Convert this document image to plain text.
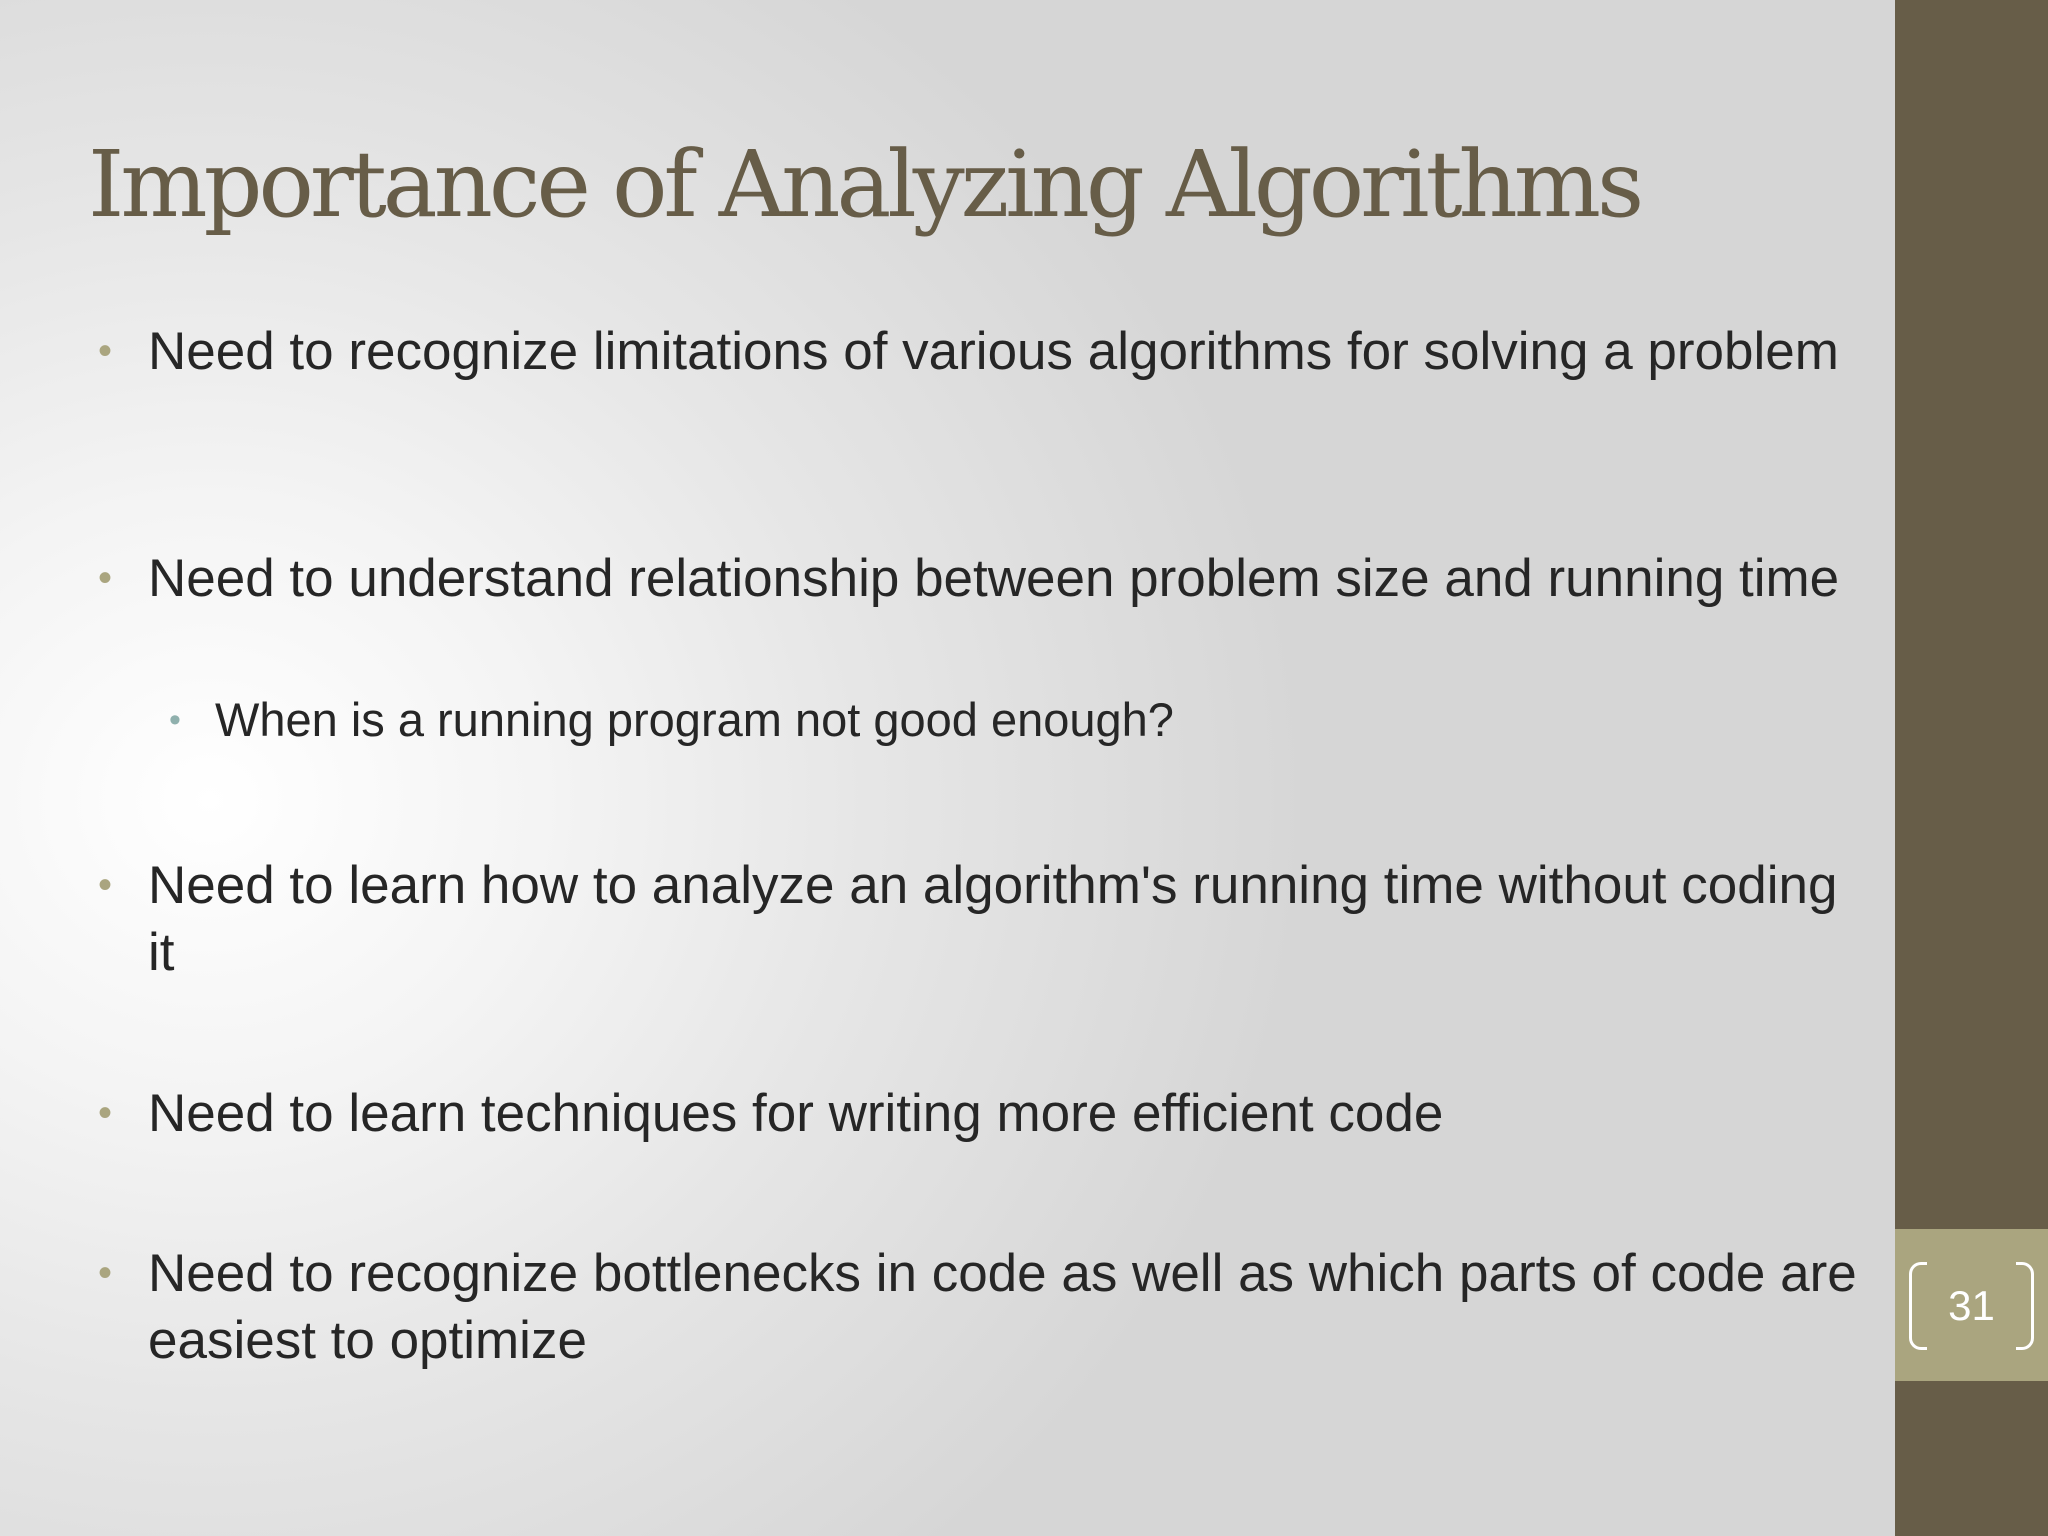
Importance of Analyzing Algorithms
• Need to recognize limitations of various algorithms for solving a problem
• Need to understand relationship between problem size and running time
• Need to learn how to analyze an algorithm's running time without coding it
• Need to learn techniques for writing more efficient code
• Need to recognize bottlenecks in code as well as which parts of code are easiest to optimize
• When is a running program not good enough?
31
